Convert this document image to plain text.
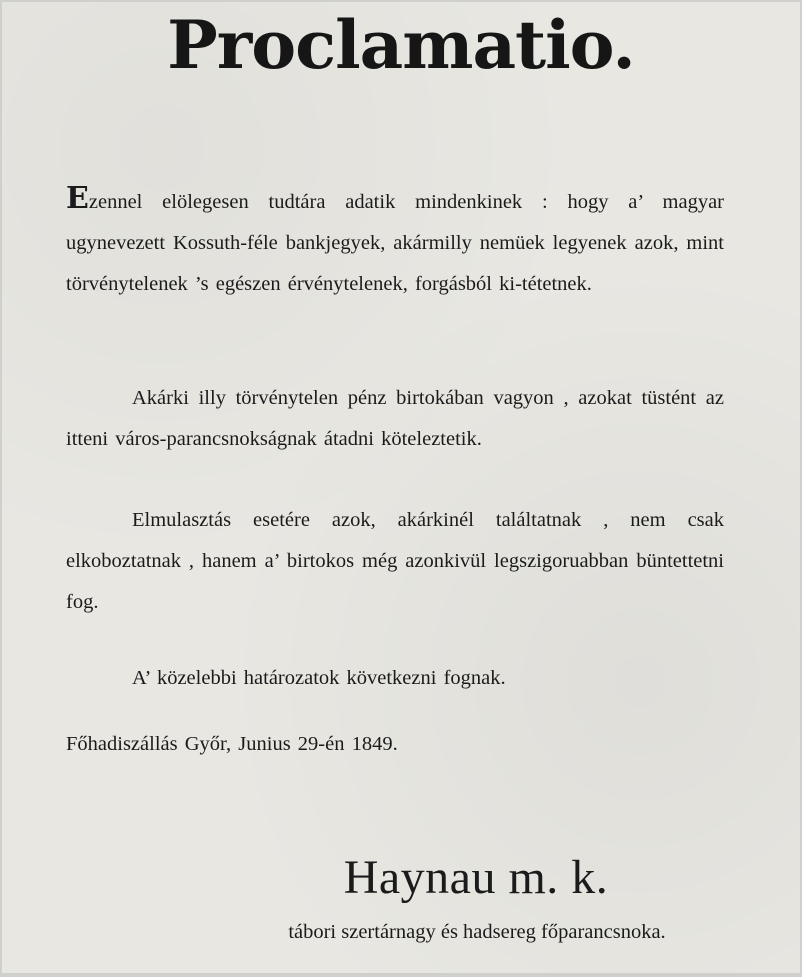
Proclamatio.
Ezennel elölegesen tudtára adatik mindenkinek : hogy a’ magyar ugynevezett Kossuth-féle bankjegyek, akármilly nemüek legyenek azok, mint törvénytelenek ’s egészen érvénytelenek, forgásból ki-tétetnek.
Akárki illy törvénytelen pénz birtokában vagyon , azokat tüstént az itteni város-parancsnokságnak átadni köteleztetik.
Elmulasztás esetére azok, akárkinél találtatnak , nem csak elkoboztatnak , hanem a’ birtokos még azonkivül legszigoruabban büntettetni fog.
A’ közelebbi határozatok következni fognak.
Főhadiszállás Győr, Junius 29-én 1849.
Haynau m. k.
tábori szertárnagy és hadsereg főparancsnoka.
